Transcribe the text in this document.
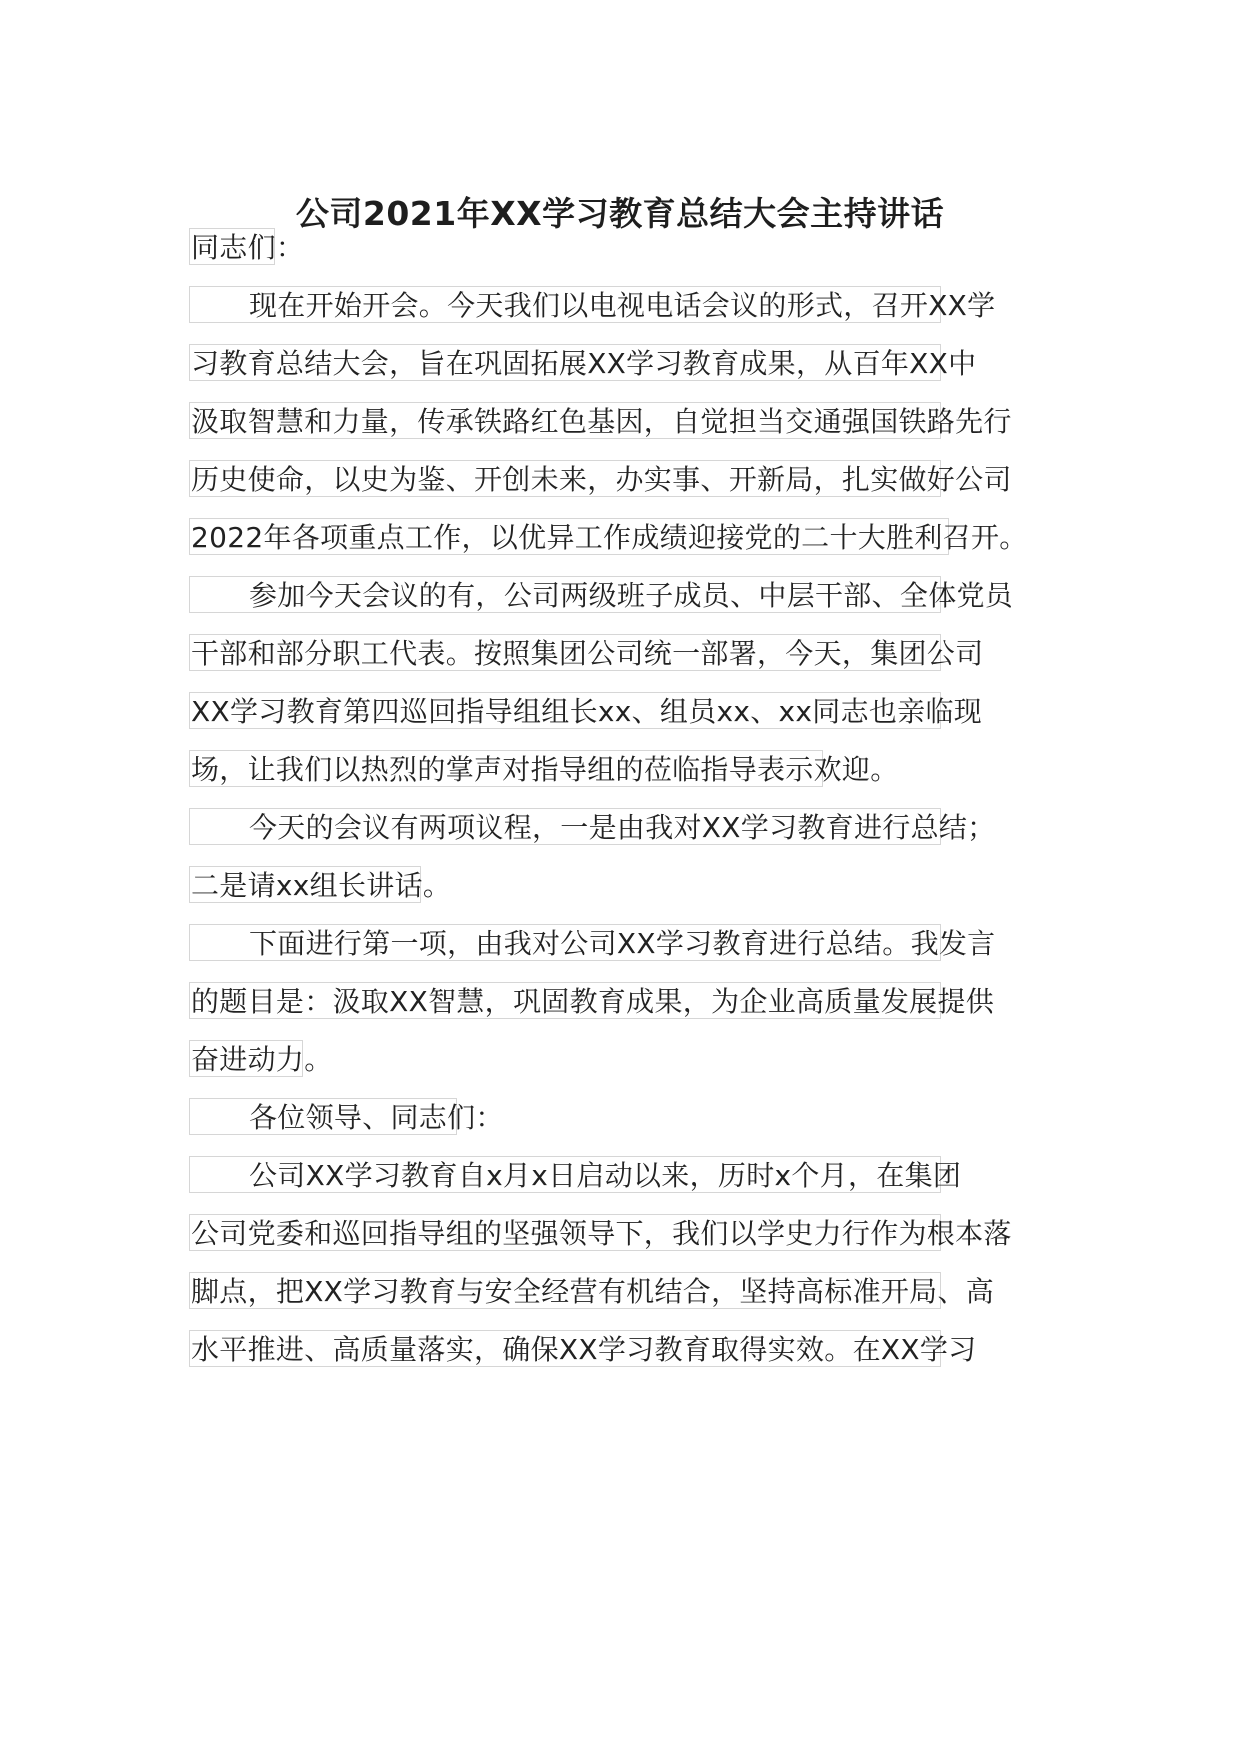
公司2021年XX学习教育总结大会主持讲话
同志们：
现在开始开会。今天我们以电视电话会议的形式，召开XX学
习教育总结大会，旨在巩固拓展XX学习教育成果，从百年XX中
汲取智慧和力量，传承铁路红色基因，自觉担当交通强国铁路先行
历史使命，以史为鉴、开创未来，办实事、开新局，扎实做好公司
2022年各项重点工作，以优异工作成绩迎接党的二十大胜利召开。
参加今天会议的有，公司两级班子成员、中层干部、全体党员
干部和部分职工代表。按照集团公司统一部署，今天，集团公司
XX学习教育第四巡回指导组组长xx、组员xx、xx同志也亲临现
场，让我们以热烈的掌声对指导组的莅临指导表示欢迎。
今天的会议有两项议程，一是由我对XX学习教育进行总结；
二是请xx组长讲话。
下面进行第一项，由我对公司XX学习教育进行总结。我发言
的题目是：汲取XX智慧，巩固教育成果，为企业高质量发展提供
奋进动力。
各位领导、同志们：
公司XX学习教育自x月x日启动以来，历时x个月，在集团
公司党委和巡回指导组的坚强领导下，我们以学史力行作为根本落
脚点，把XX学习教育与安全经营有机结合，坚持高标准开局、高
水平推进、高质量落实，确保XX学习教育取得实效。在XX学习
